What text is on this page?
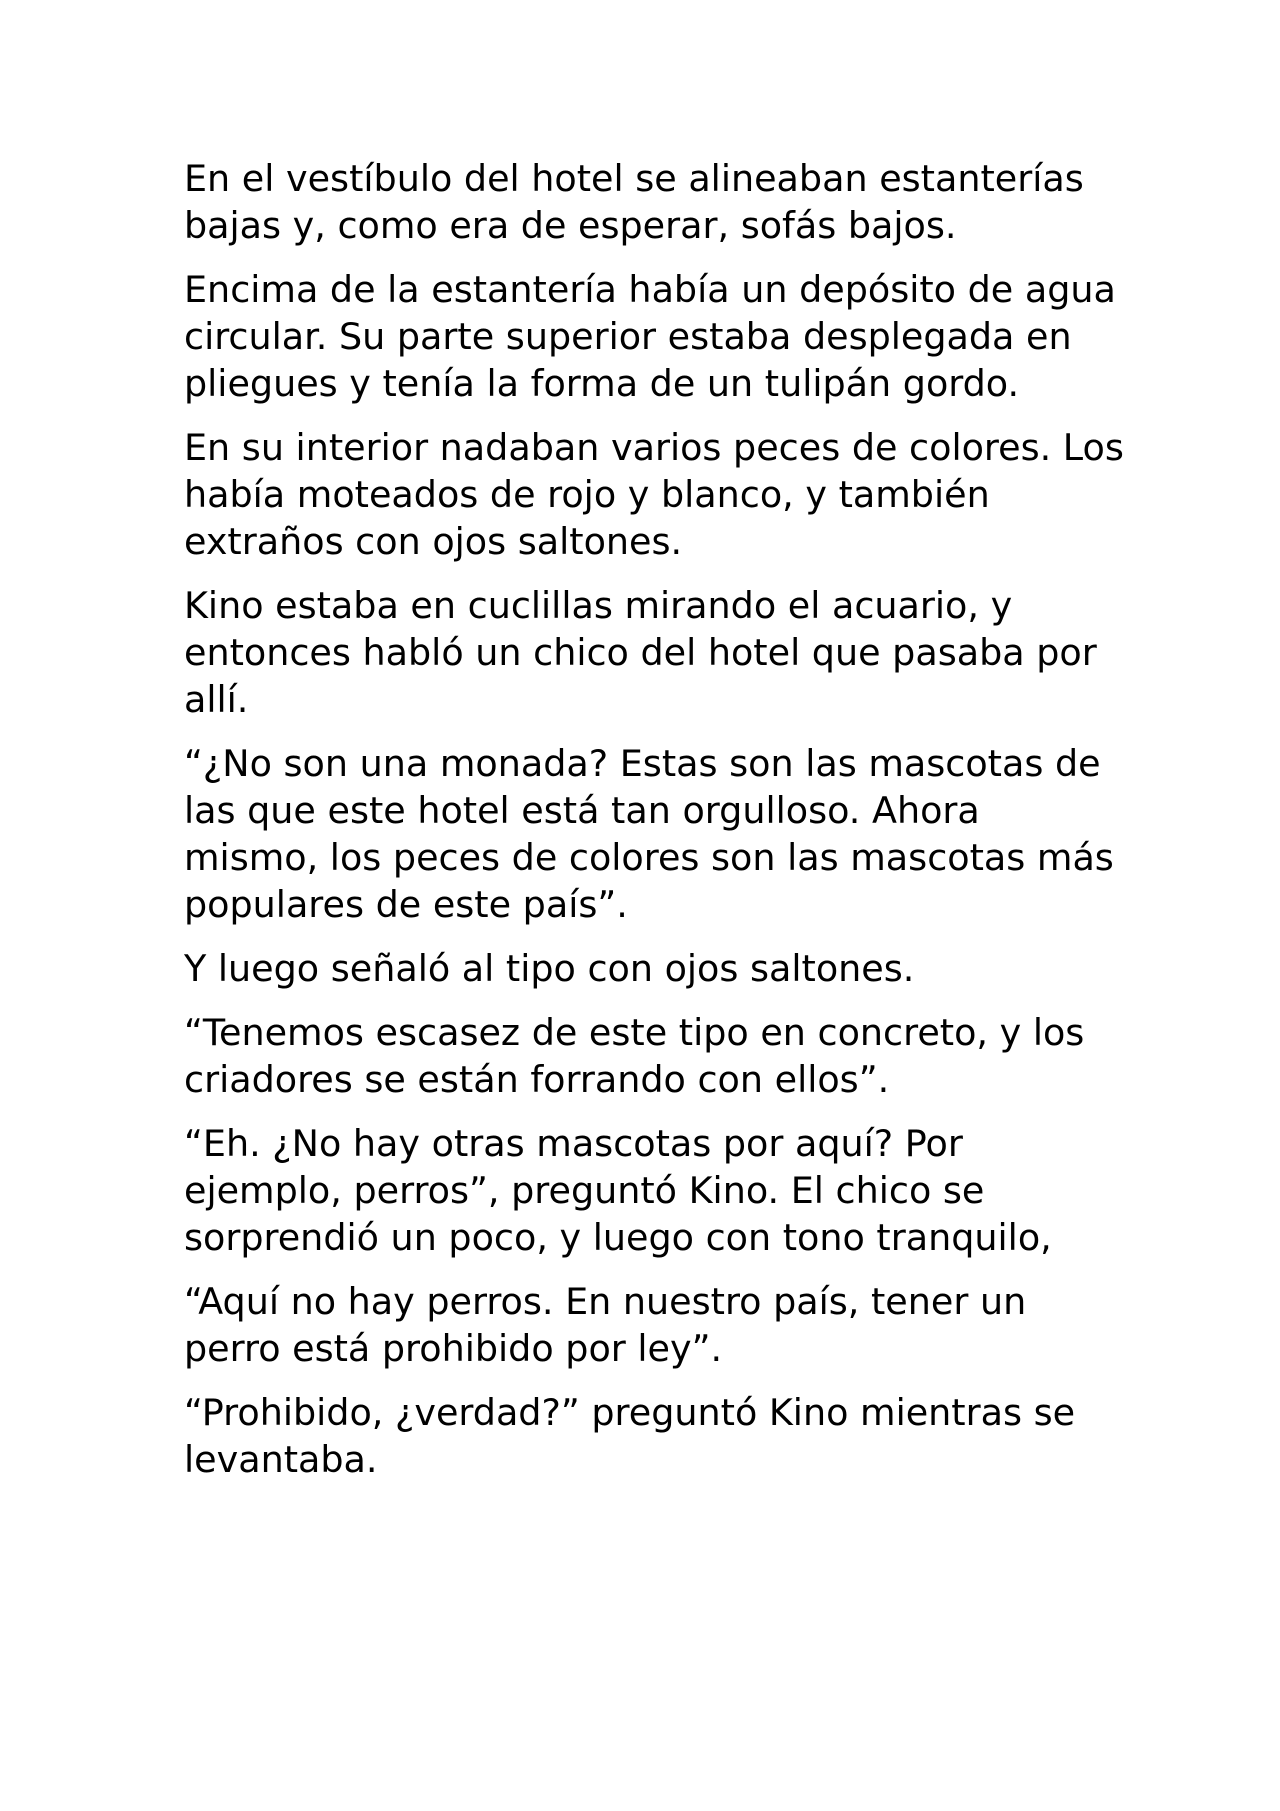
En el vestíbulo del hotel se alineaban estanterías bajas y, como era de esperar, sofás bajos.

Encima de la estantería había un depósito de agua circular. Su parte superior estaba desplegada en pliegues y tenía la forma de un tulipán gordo.

En su interior nadaban varios peces de colores. Los había moteados de rojo y blanco, y también extraños con ojos saltones.

Kino estaba en cuclillas mirando el acuario, y entonces habló un chico del hotel que pasaba por allí.

“¿No son una monada? Estas son las mascotas de las que este hotel está tan orgulloso. Ahora mismo, los peces de colores son las mascotas más populares de este país”.

Y luego señaló al tipo con ojos saltones.

“Tenemos escasez de este tipo en concreto, y los criadores se están forrando con ellos”.

“Eh. ¿No hay otras mascotas por aquí? Por ejemplo, perros”, preguntó Kino. El chico se sorprendió un poco, y luego con tono tranquilo,

“Aquí no hay perros. En nuestro país, tener un perro está prohibido por ley”.

“Prohibido, ¿verdad?” preguntó Kino mientras se levantaba.
